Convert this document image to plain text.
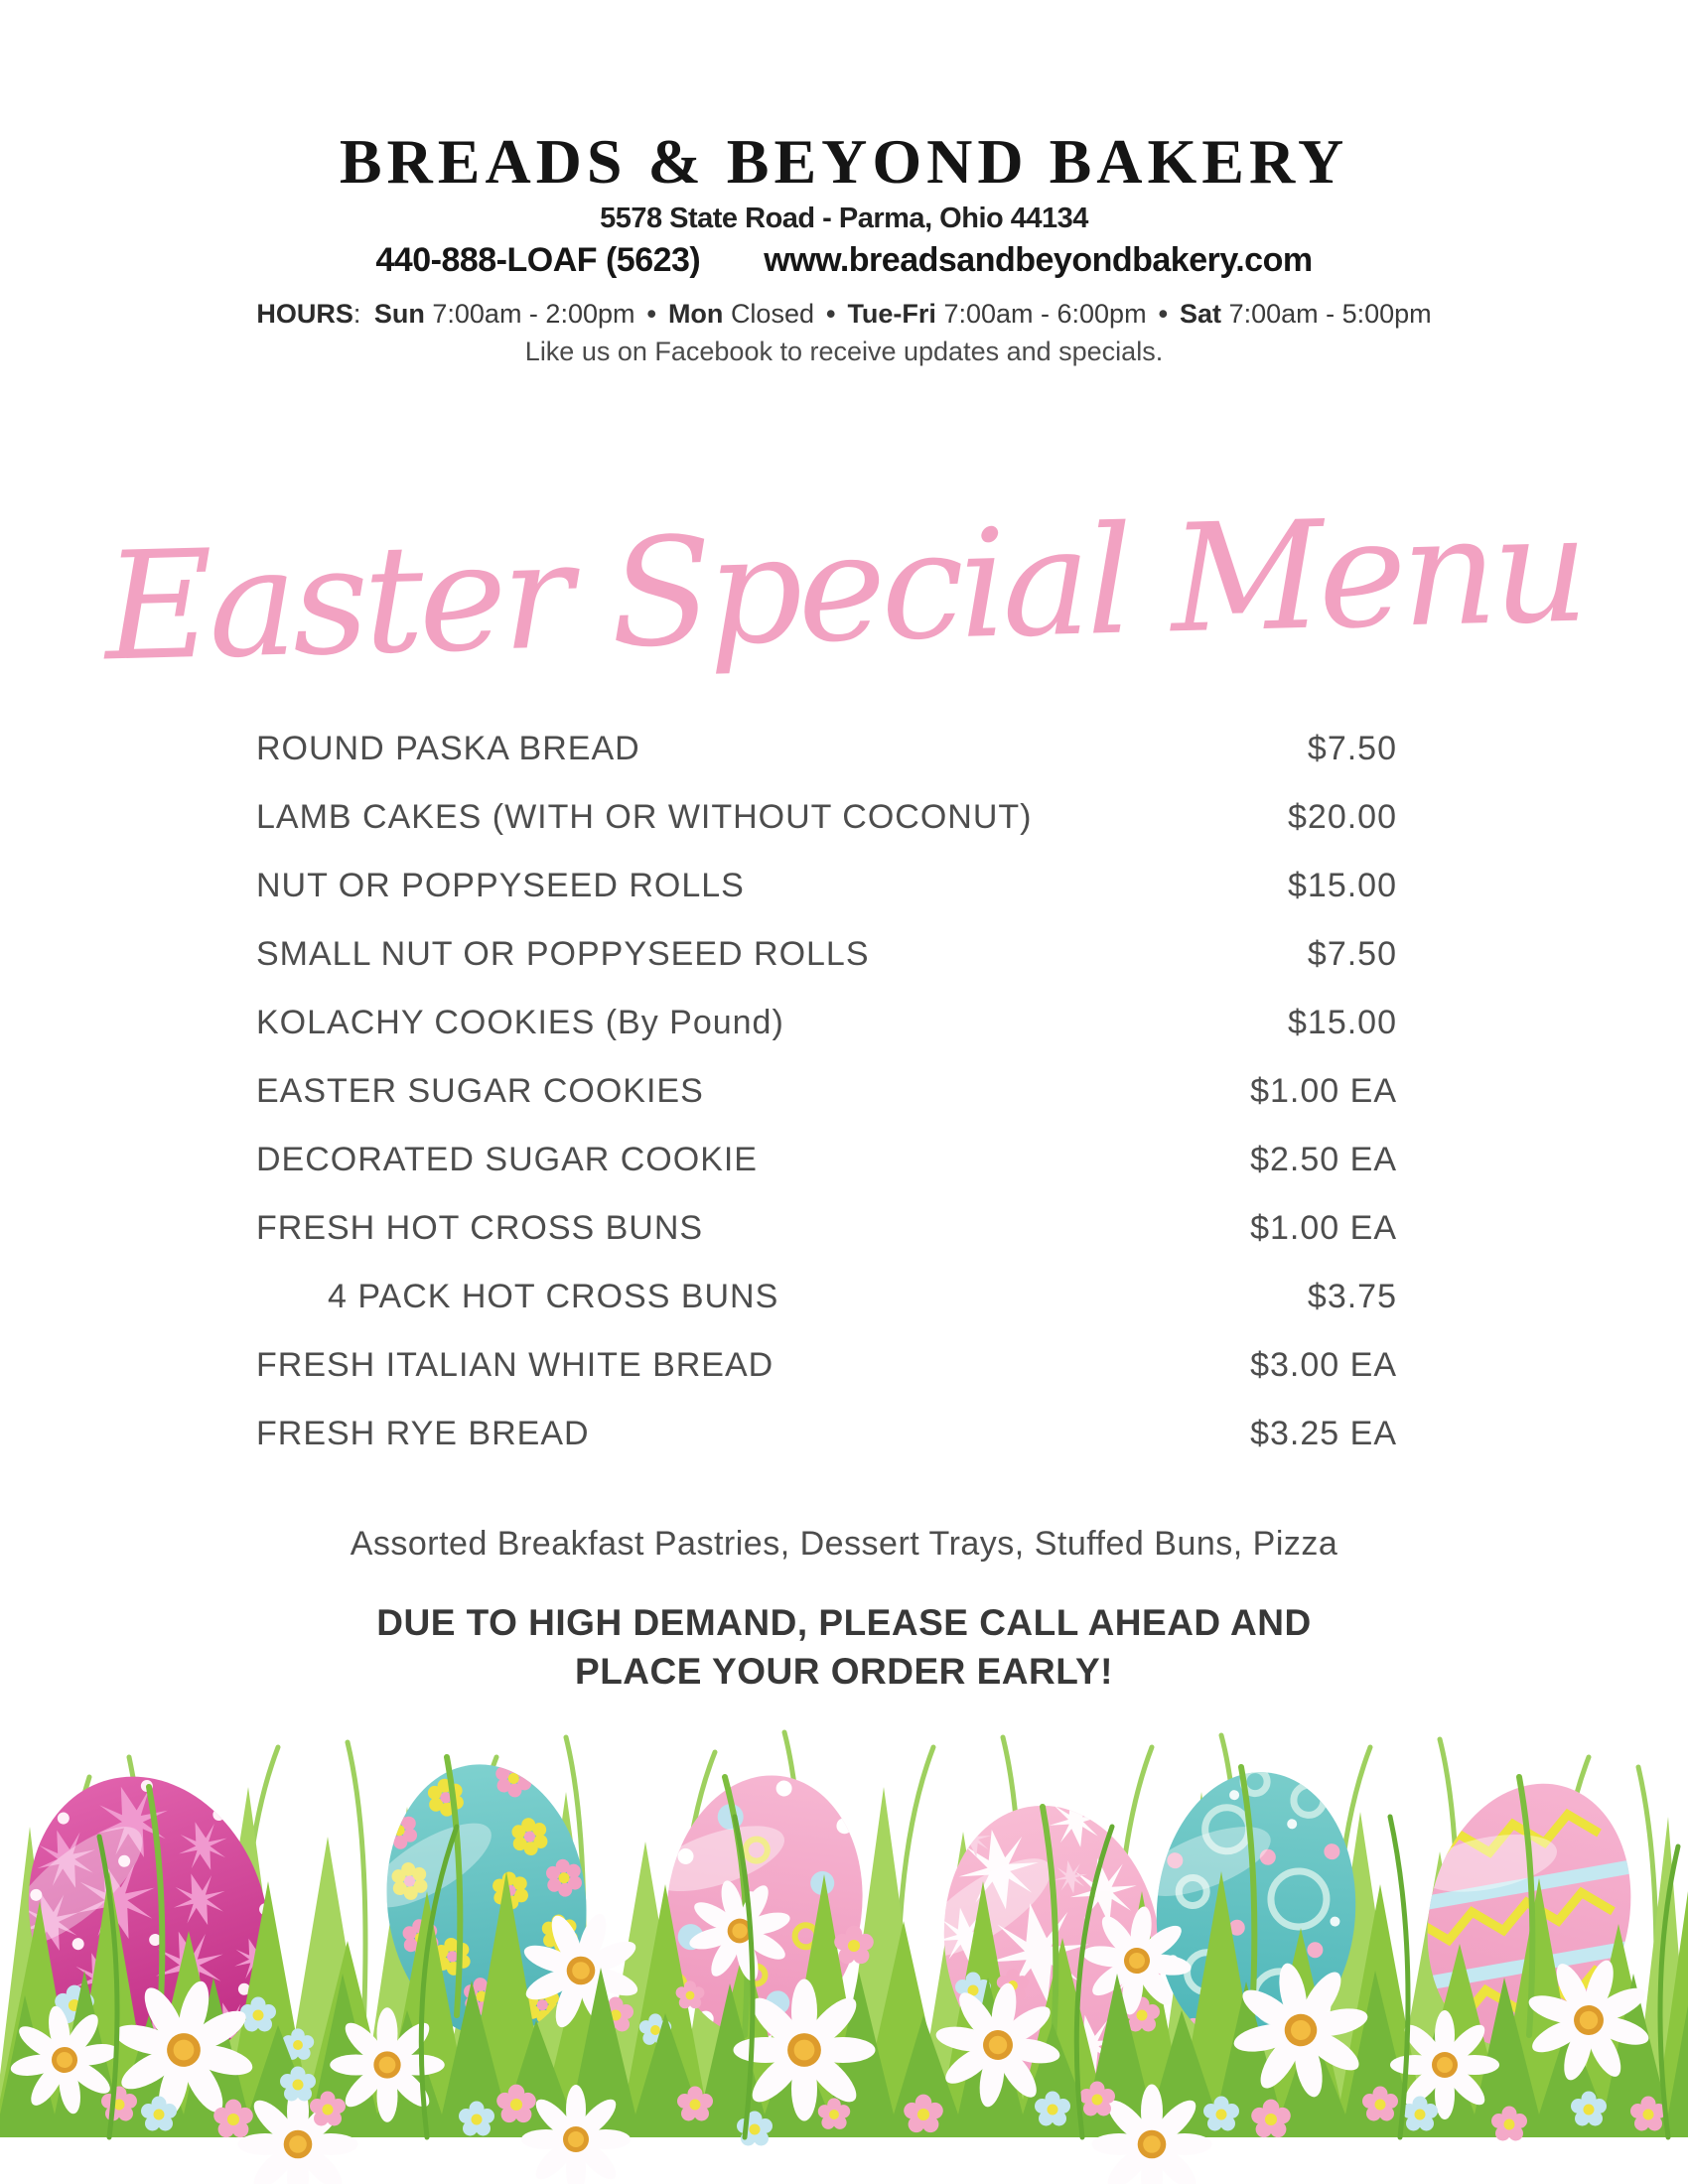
BREADS & BEYOND BAKERY
5578 State Road - Parma, Ohio 44134
440-888-LOAF (5623) www.breadsandbeyondbakery.com
HOURS: Sun 7:00am - 2:00pm • Mon Closed • Tue-Fri 7:00am - 6:00pm • Sat 7:00am - 5:00pm
Like us on Facebook to receive updates and specials.
Easter Special Menu
ROUND PASKA BREAD	$7.50
LAMB CAKES (WITH OR WITHOUT COCONUT)	$20.00
NUT OR POPPYSEED ROLLS	$15.00
SMALL NUT OR POPPYSEED ROLLS	$7.50
KOLACHY COOKIES (By Pound)	$15.00
EASTER SUGAR COOKIES	$1.00 EA
DECORATED SUGAR COOKIE	$2.50 EA
FRESH HOT CROSS BUNS	$1.00 EA
4 PACK HOT CROSS BUNS	$3.75
FRESH ITALIAN WHITE BREAD	$3.00 EA
FRESH RYE BREAD	$3.25 EA
Assorted Breakfast Pastries, Dessert Trays, Stuffed Buns, Pizza
DUE TO HIGH DEMAND, PLEASE CALL AHEAD AND
PLACE YOUR ORDER EARLY!
